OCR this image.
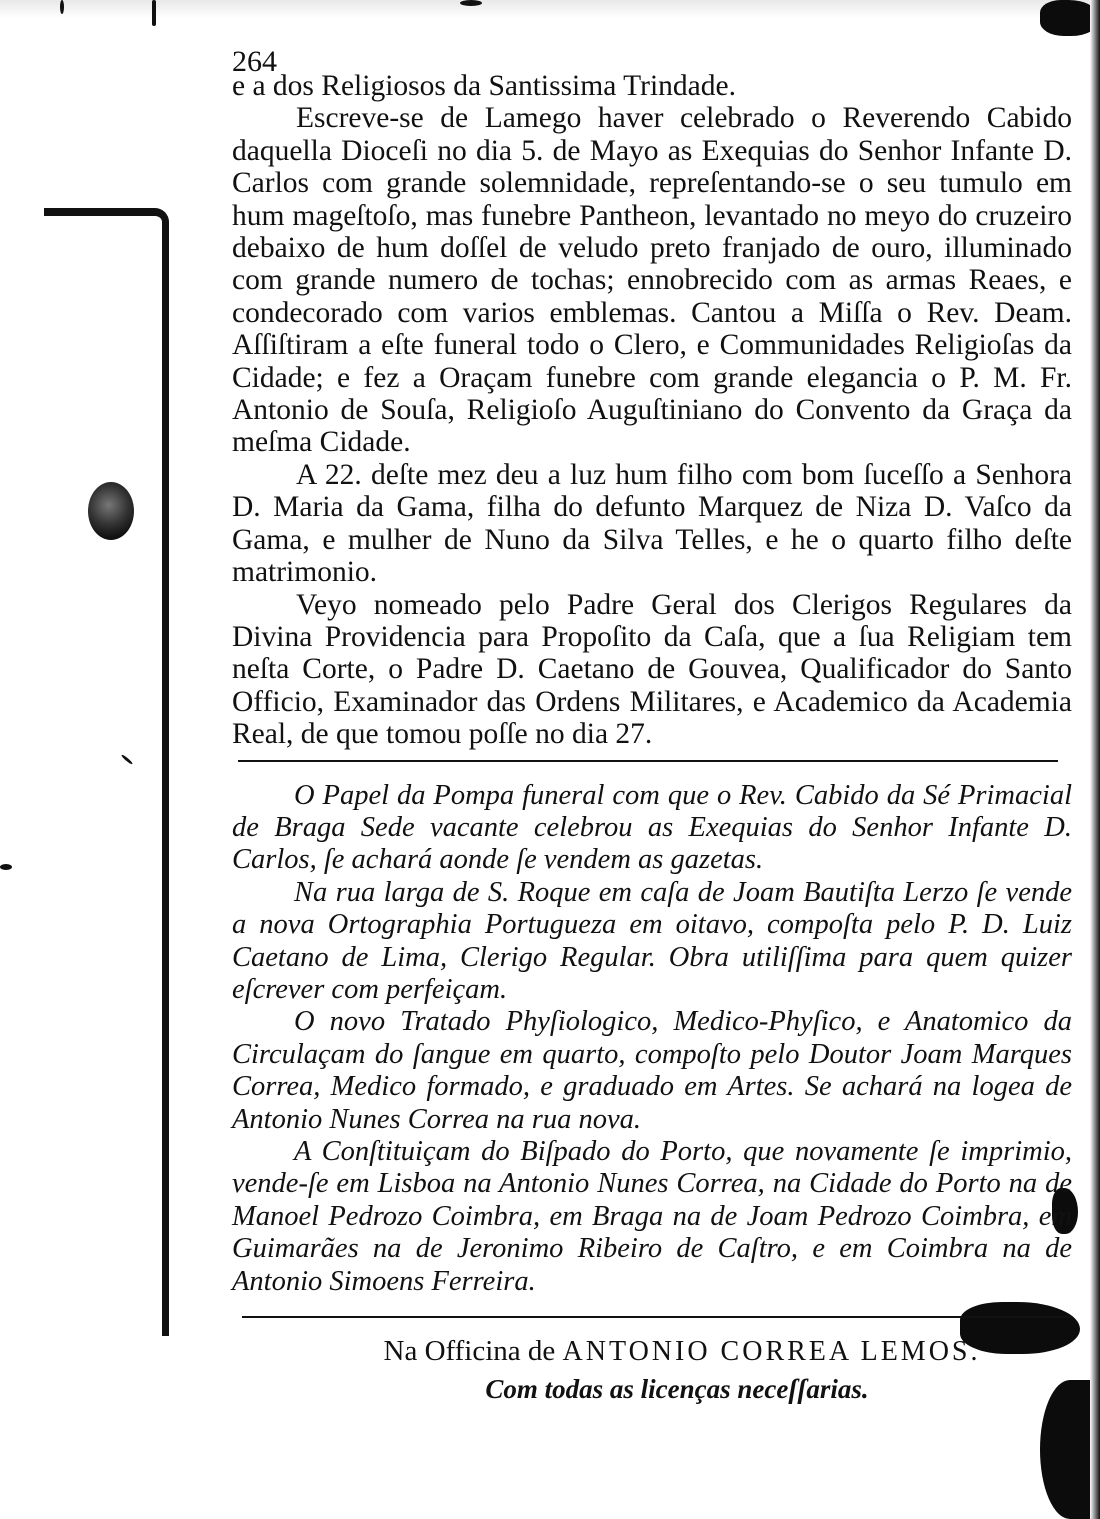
264

e a dos Religiosos da Santissima Trindade.

Escreve-se de Lamego haver celebrado o Reverendo Cabido daquella Dioceſi no dia 5. de Mayo as Exequias do Senhor Infante D. Carlos com grande solemnidade, repreſentando-se o seu tumulo em hum mageſtoſo, mas funebre Pantheon, levantado no meyo do cruzeiro debaixo de hum doſſel de veludo preto franjado de ouro, illuminado com grande numero de tochas; ennobrecido com as armas Reaes, e condecorado com varios emblemas. Cantou a Miſſa o Rev. Deam. Aſſiſtiram a eſte funeral todo o Clero, e Communidades Religioſas da Cidade; e fez a Oraçam funebre com grande elegancia o P. M. Fr. Antonio de Souſa, Religioſo Auguſtiniano do Convento da Graça da meſma Cidade.

A 22. deſte mez deu a luz hum filho com bom ſuceſſo a Senhora D. Maria da Gama, filha do defunto Marquez de Niza D. Vaſco da Gama, e mulher de Nuno da Silva Telles, e he o quarto filho deſte matrimonio.

Veyo nomeado pelo Padre Geral dos Clerigos Regulares da Divina Providencia para Propoſito da Caſa, que a ſua Religiam tem neſta Corte, o Padre D. Caetano de Gouvea, Qualificador do Santo Officio, Examinador das Ordens Militares, e Academico da Academia Real, de que tomou poſſe no dia 27.

O Papel da Pompa funeral com que o Rev. Cabido da Sé Primacial de Braga Sede vacante celebrou as Exequias do Senhor Infante D. Carlos, ſe achará aonde ſe vendem as gazetas.

Na rua larga de S. Roque em caſa de Joam Bautiſta Lerzo ſe vende a nova Ortographia Portugueza em oitavo, compoſta pelo P. D. Luiz Caetano de Lima, Clerigo Regular. Obra utiliſſima para quem quizer eſcrever com perfeiçam.

O novo Tratado Phyſiologico, Medico-Phyſico, e Anatomico da Circulaçam do ſangue em quarto, compoſto pelo Doutor Joam Marques Correa, Medico formado, e graduado em Artes. Se achará na logea de Antonio Nunes Correa na rua nova.

A Conſtituiçam do Biſpado do Porto, que novamente ſe imprimio, vende-ſe em Lisboa na Antonio Nunes Correa, na Cidade do Porto na de Manoel Pedrozo Coimbra, em Braga na de Joam Pedrozo Coimbra, em Guimarães na de Jeronimo Ribeiro de Caſtro, e em Coimbra na de Antonio Simoens Ferreira.

Na Officina de ANTONIO CORREA LEMOS.

Com todas as licenças neceſſarias.
